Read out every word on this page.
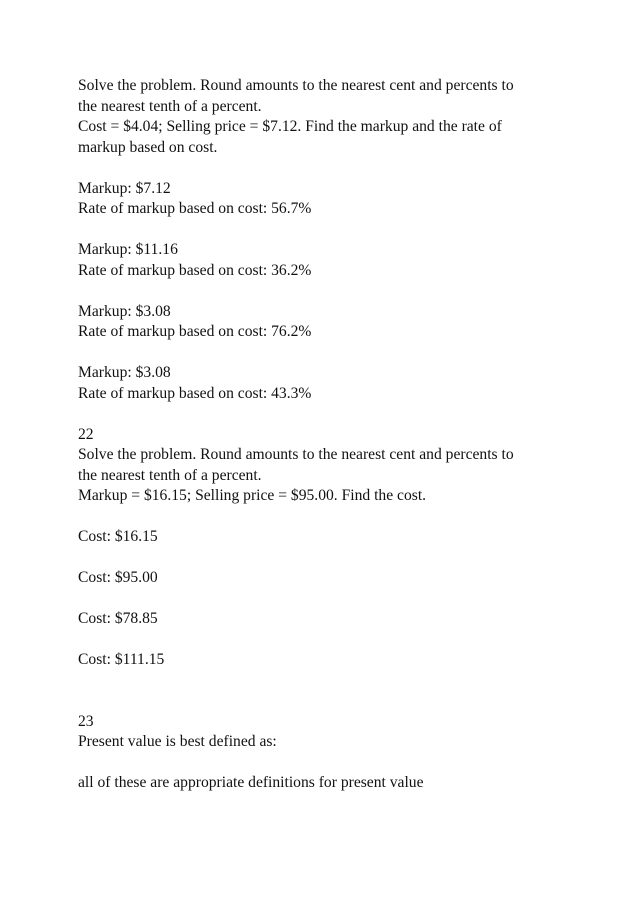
Solve the problem. Round amounts to the nearest cent and percents to
the nearest tenth of a percent.
Cost = $4.04; Selling price = $7.12. Find the markup and the rate of
markup based on cost.
Markup: $7.12
Rate of markup based on cost: 56.7%
Markup: $11.16
Rate of markup based on cost: 36.2%
Markup: $3.08
Rate of markup based on cost: 76.2%
Markup: $3.08
Rate of markup based on cost: 43.3%
22
Solve the problem. Round amounts to the nearest cent and percents to
the nearest tenth of a percent.
Markup = $16.15; Selling price = $95.00. Find the cost.
Cost: $16.15
Cost: $95.00
Cost: $78.85
Cost: $111.15
23
Present value is best defined as:
all of these are appropriate definitions for present value
